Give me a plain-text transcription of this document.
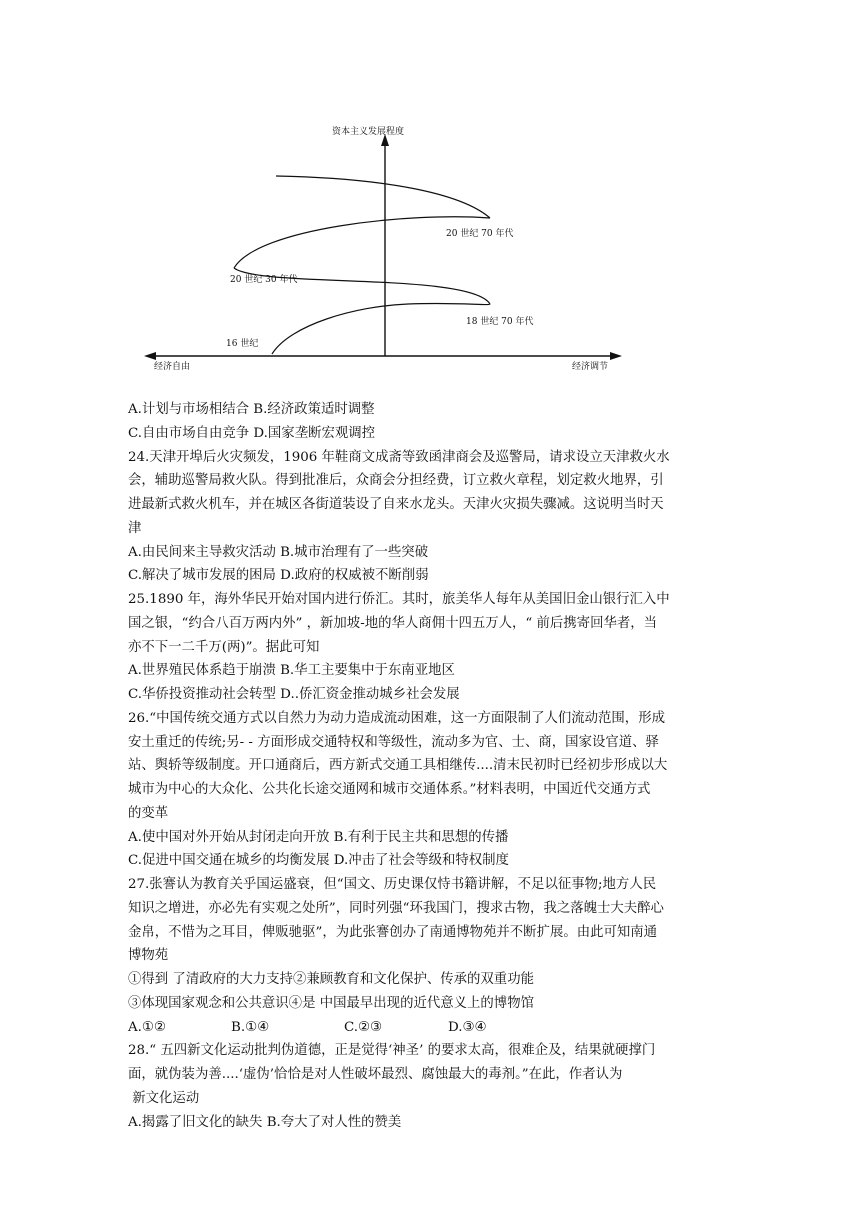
资本主义发展程度
经济自由	经济调节
20 世纪 70 年代
20 世纪 30 年代
18 世纪 70 年代
16 世纪
A.计划与市场相结合 B.经济政策适时调整
C.自由市场自由竞争 D.国家垄断宏观调控
24.天津开埠后火灾频发，1906 年鞋商文成斋等致函津商会及巡警局，请求设立天津救火水
会，辅助巡警局救火队。得到批准后，众商会分担经费，订立救火章程，划定救火地界，引
进最新式救火机车，并在城区各街道装设了自来水龙头。天津火灾损失骤减。这说明当时天
津
A.由民间来主导救灾活动 B.城市治理有了一些突破
C.解决了城市发展的困局 D.政府的权威被不断削弱
25.1890 年，海外华民开始对国内进行侨汇。其时，旅美华人每年从美国旧金山银行汇入中
国之银，“约合八百万两内外” ，新加坡-地的华人商佣十四五万人，“ 前后携寄回华者，当
亦不下一二千万(两)”。据此可知
A.世界殖民体系趋于崩溃 B.华工主要集中于东南亚地区
C.华侨投资推动社会转型 D..侨汇资金推动城乡社会发展
26.“中国传统交通方式以自然力为动力造成流动困难，这一方面限制了人们流动范围，形成
安土重迁的传统;另- - 方面形成交通特权和等级性，流动多为官、士、商，国家设官道、驿
站、舆轿等级制度。开口通商后，西方新式交通工具相继传....清末民初时已经初步形成以大
城市为中心的大众化、公共化长途交通网和城市交通体系。”材料表明，中国近代交通方式
的变革
A.使中国对外开始从封闭走向开放 B.有利于民主共和思想的传播
C.促进中国交通在城乡的均衡发展 D.冲击了社会等级和特权制度
27.张謇认为教育关乎国运盛衰，但“国文、历史课仅恃书籍讲解，不足以征事物;地方人民
知识之增进，亦必先有实观之处所”，同时列强“环我国门，搜求古物，我之落魄士大夫醉心
金帛，不惜为之耳目，俾贩驰驱”，为此张謇创办了南通博物苑并不断扩展。由此可知南通
博物苑
①得到 了清政府的大力支持②兼顾教育和文化保护、传承的双重功能
③体现国家观念和公共意识④是 中国最早出现的近代意义上的博物馆
A.①②	B.①④	C.②③	D.③④
28.“ 五四新文化运动批判伪道德，正是觉得‘神圣’ 的要求太高，很难企及，结果就硬撑门
面，就伪装为善....‘虚伪’恰恰是对人性破坏最烈、腐蚀最大的毒剂。”在此，作者认为
新文化运动
A.揭露了旧文化的缺失 B.夸大了对人性的赞美
